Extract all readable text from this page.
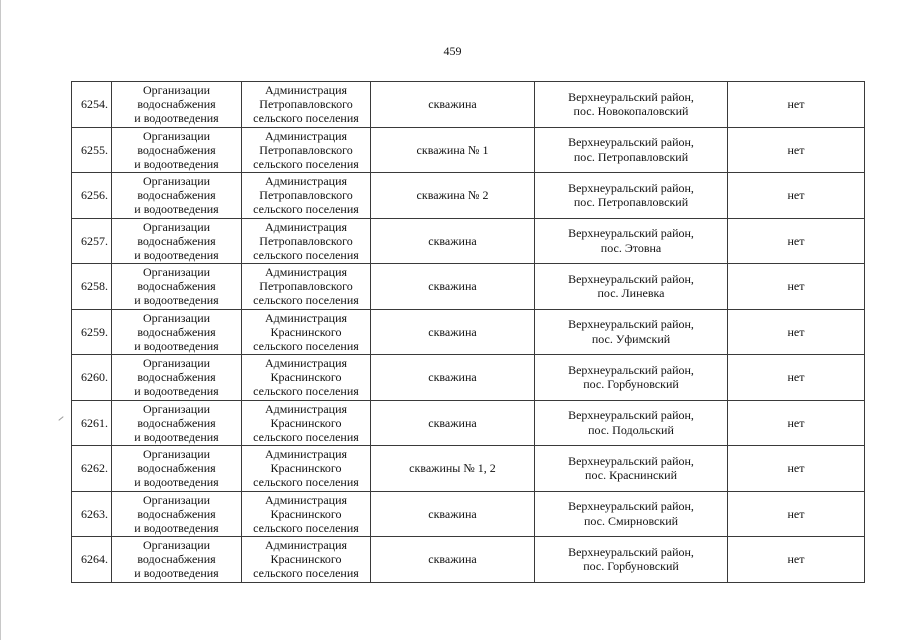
459
6254.	Организации
водоснабжения
и водоотведения	Администрация
Петропавловского
сельского поселения	скважина	Верхнеуральский район,
пос. Новокопаловский	нет
6255.	Организации
водоснабжения
и водоотведения	Администрация
Петропавловского
сельского поселения	скважина № 1	Верхнеуральский район,
пос. Петропавловский	нет
6256.	Организации
водоснабжения
и водоотведения	Администрация
Петропавловского
сельского поселения	скважина № 2	Верхнеуральский район,
пос. Петропавловский	нет
6257.	Организации
водоснабжения
и водоотведения	Администрация
Петропавловского
сельского поселения	скважина	Верхнеуральский район,
пос. Этовна	нет
6258.	Организации
водоснабжения
и водоотведения	Администрация
Петропавловского
сельского поселения	скважина	Верхнеуральский район,
пос. Линевка	нет
6259.	Организации
водоснабжения
и водоотведения	Администрация
Краснинского
сельского поселения	скважина	Верхнеуральский район,
пос. Уфимский	нет
6260.	Организации
водоснабжения
и водоотведения	Администрация
Краснинского
сельского поселения	скважина	Верхнеуральский район,
пос. Горбуновский	нет
6261.	Организации
водоснабжения
и водоотведения	Администрация
Краснинского
сельского поселения	скважина	Верхнеуральский район,
пос. Подольский	нет
6262.	Организации
водоснабжения
и водоотведения	Администрация
Краснинского
сельского поселения	скважины № 1, 2	Верхнеуральский район,
пос. Краснинский	нет
6263.	Организации
водоснабжения
и водоотведения	Администрация
Краснинского
сельского поселения	скважина	Верхнеуральский район,
пос. Смирновский	нет
6264.	Организации
водоснабжения
и водоотведения	Администрация
Краснинского
сельского поселения	скважина	Верхнеуральский район,
пос. Горбуновский	нет
